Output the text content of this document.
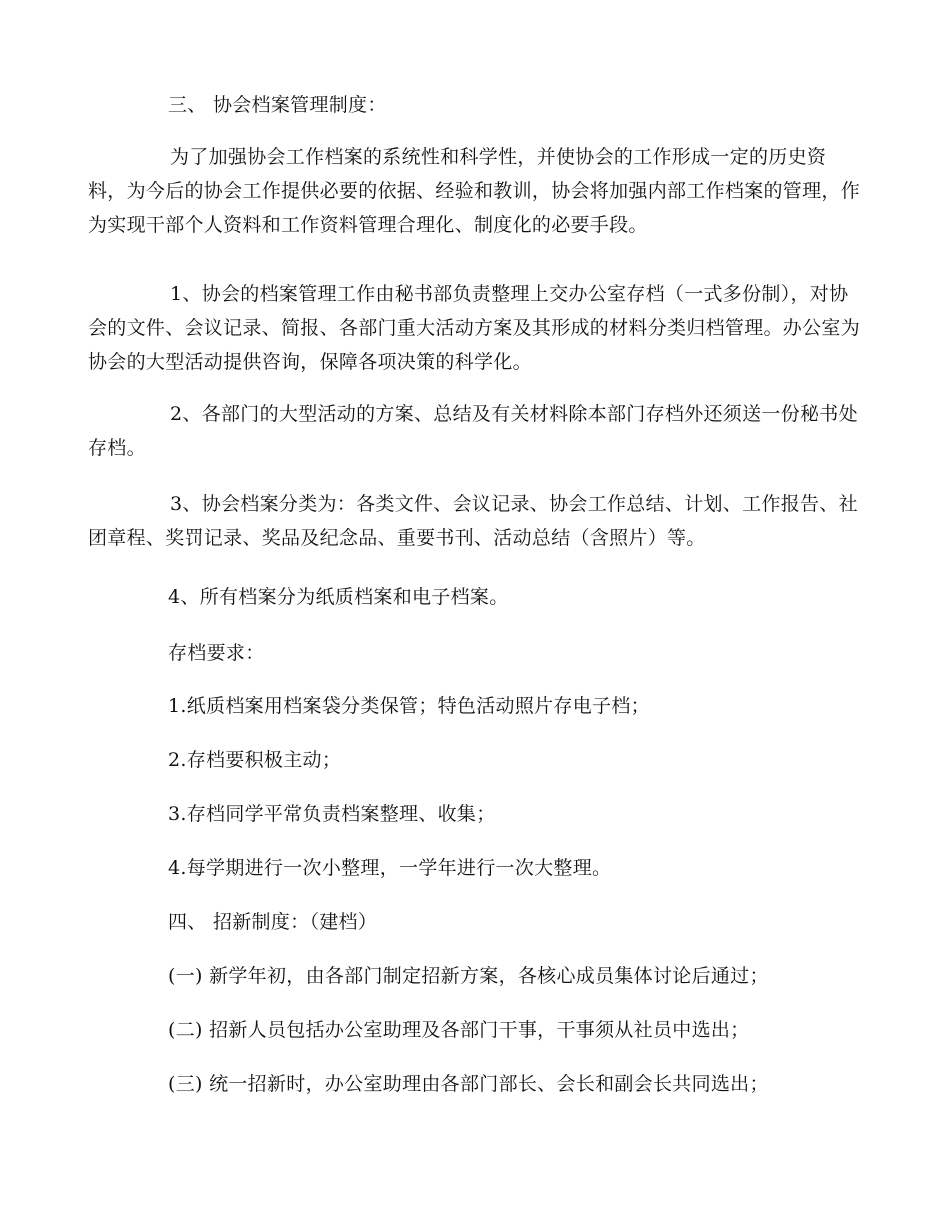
三、 协会档案管理制度：

为了加强协会工作档案的系统性和科学性，并使协会的工作形成一定的历史资料，为今后的协会工作提供必要的依据、经验和教训，协会将加强内部工作档案的管理，作为实现干部个人资料和工作资料管理合理化、制度化的必要手段。

1、协会的档案管理工作由秘书部负责整理上交办公室存档（一式多份制），对协会的文件、会议记录、简报、各部门重大活动方案及其形成的材料分类归档管理。办公室为协会的大型活动提供咨询，保障各项决策的科学化。

2、各部门的大型活动的方案、总结及有关材料除本部门存档外还须送一份秘书处存档。

3、协会档案分类为：各类文件、会议记录、协会工作总结、计划、工作报告、社团章程、奖罚记录、奖品及纪念品、重要书刊、活动总结（含照片）等。

4、所有档案分为纸质档案和电子档案。

存档要求：

1.纸质档案用档案袋分类保管；特色活动照片存电子档；

2.存档要积极主动；

3.存档同学平常负责档案整理、收集；

4.每学期进行一次小整理，一学年进行一次大整理。

四、 招新制度：（建档）

(一) 新学年初，由各部门制定招新方案，各核心成员集体讨论后通过；

(二) 招新人员包括办公室助理及各部门干事，干事须从社员中选出；

(三) 统一招新时，办公室助理由各部门部长、会长和副会长共同选出；
